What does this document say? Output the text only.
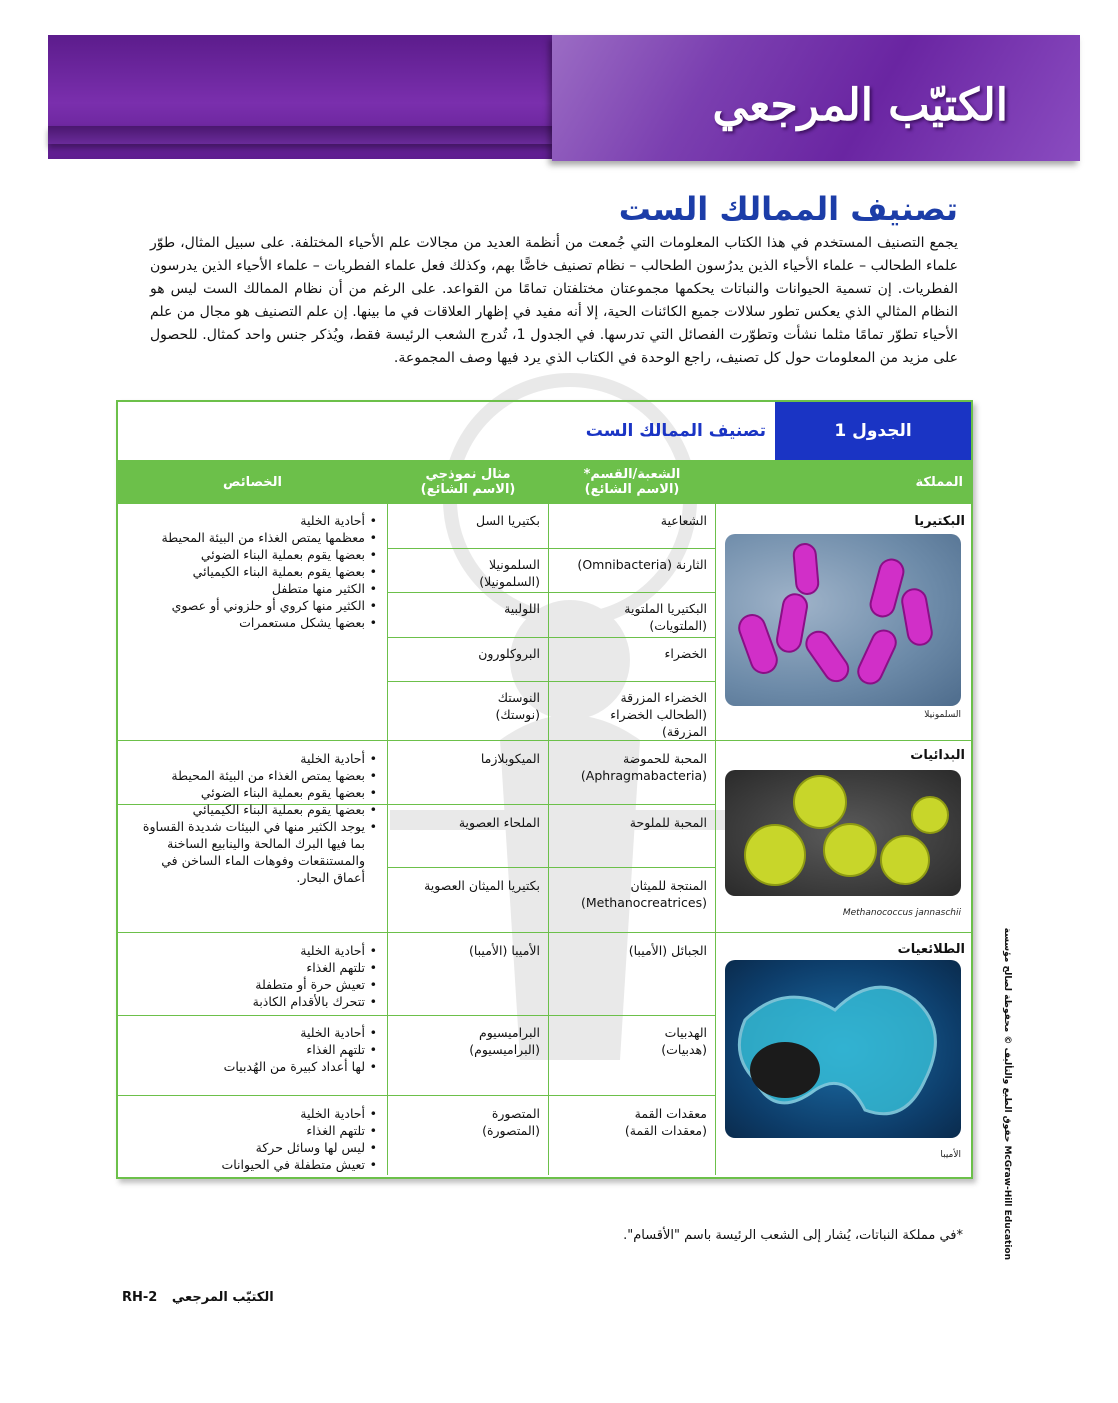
الكتيّب المرجعي
تصنيف الممالك الست
يجمع التصنيف المستخدم في هذا الكتاب المعلومات التي جُمعت من أنظمة العديد من مجالات علم الأحياء المختلفة. على سبيل المثال، طوّر علماء الطحالب – علماء الأحياء الذين يدرُسون الطحالب – نظام تصنيف خاصًّا بهم، وكذلك فعل علماء الفطريات – علماء الأحياء الذين يدرسون الفطريات. إن تسمية الحيوانات والنباتات يحكمها مجموعتان مختلفتان تمامًا من القواعد. على الرغم من أن نظام الممالك الست ليس هو النظام المثالي الذي يعكس تطور سلالات جميع الكائنات الحية، إلا أنه مفيد في إظهار العلاقات في ما بينها. إن علم التصنيف هو مجال من علم الأحياء تطوّر تمامًا مثلما نشأت وتطوّرت الفصائل التي تدرسها. في الجدول 1، تُدرج الشعب الرئيسة فقط، ويُذكر جنس واحد كمثال. للحصول على مزيد من المعلومات حول كل تصنيف، راجع الوحدة في الكتاب الذي يرد فيها وصف المجموعة.
الجدول 1
تصنيف الممالك الست
المملكة
الشعبة/القسم*
(الاسم الشائع)
مثال نموذجي
(الاسم الشائع)
الخصائص
البكتيريا
السلمونيلا
الشعاعية
بكتيريا السل
الثارنة (Omnibacteria)
السلمونيلا (السلمونيلا)
البكتيريا الملتوية (الملتويات)
اللولبية
الخضراء
البروكلورون
الخضراء المزرقة (الطحالب الخضراء المزرقة)
النوستك (نوستك)
• أحادية الخلية
• معظمها يمتص الغذاء من البيئة المحيطة
• بعضها يقوم بعملية البناء الضوئي
• بعضها يقوم بعملية البناء الكيميائي
• الكثير منها متطفل
• الكثير منها كروي أو حلزوني أو عصوي
• بعضها يشكل مستعمرات
البدائيات
Methanococcus jannaschii
المحبة للحموضة (Aphragmabacteria)
الميكوبلازما
المحبة للملوحة
الملحاء العصوية
المنتجة للميثان (Methanocreatrices)
بكتيريا الميثان العصوية
• أحادية الخلية
• بعضها يمتص الغذاء من البيئة المحيطة
• بعضها يقوم بعملية البناء الضوئي
• بعضها يقوم بعملية البناء الكيميائي
• يوجد الكثير منها في البيئات شديدة القساوة بما فيها البرك المالحة والينابيع الساخنة والمستنقعات وفوهات الماء الساخن في أعماق البحار.
الطلائعيات
الأميبا
الجبائل (الأميبا)
الأميبا (الأميبا)
• أحادية الخلية
• تلتهم الغذاء
• تعيش حرة أو متطفلة
• تتحرك بالأقدام الكاذبة
الهدبيات (هدبيات)
البراميسيوم (البراميسيوم)
• أحادية الخلية
• تلتهم الغذاء
• لها أعداد كبيرة من الهُدبيات
معقدات القمة (معقدات القمة)
المتصورة (المتصورة)
• أحادية الخلية
• تلتهم الغذاء
• ليس لها وسائل حركة
• تعيش متطفلة في الحيوانات
*في مملكة النباتات، يُشار إلى الشعب الرئيسة باسم "الأقسام".
RH-2 الكتيّب المرجعي
McGraw-Hill Education حقوق الطبع والتأليف © محفوظة لصالح مؤسسة
